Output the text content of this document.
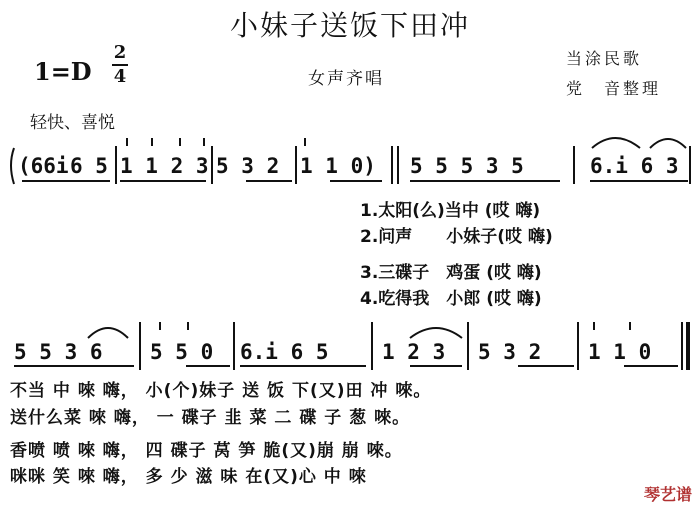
小妹子送饭下田冲
1=D
2
4	女声齐唱
当涂民歌
党　音整理
轻快、喜悦
(66i 6 5 1 1 2 3 5 3 2 1 1 0) 5 5 5 3 5	6.i 6 3
1.太阳(么)当中 (哎 嗨)
2.问声　　小妹子(哎 嗨)
3.三碟子　鸡蛋 (哎 嗨)
4.吃得我　小郎 (哎 嗨)
5 5 3 6 5 5 0 6.i 6 5	1 2 3 5 3 2 1 1 0
不当 中 唻 嗨， 小(个)妹子 送 饭 下(又)田 冲 唻。
送什么菜 唻 嗨， 一 碟子 韭 菜 二 碟 子 葱 唻。
香喷 喷 唻 嗨， 四 碟子 莴 笋 脆(又)崩 崩 唻。
咪咪 笑 唻 嗨， 多 少 滋 味 在(又)心 中 唻
琴艺谱
